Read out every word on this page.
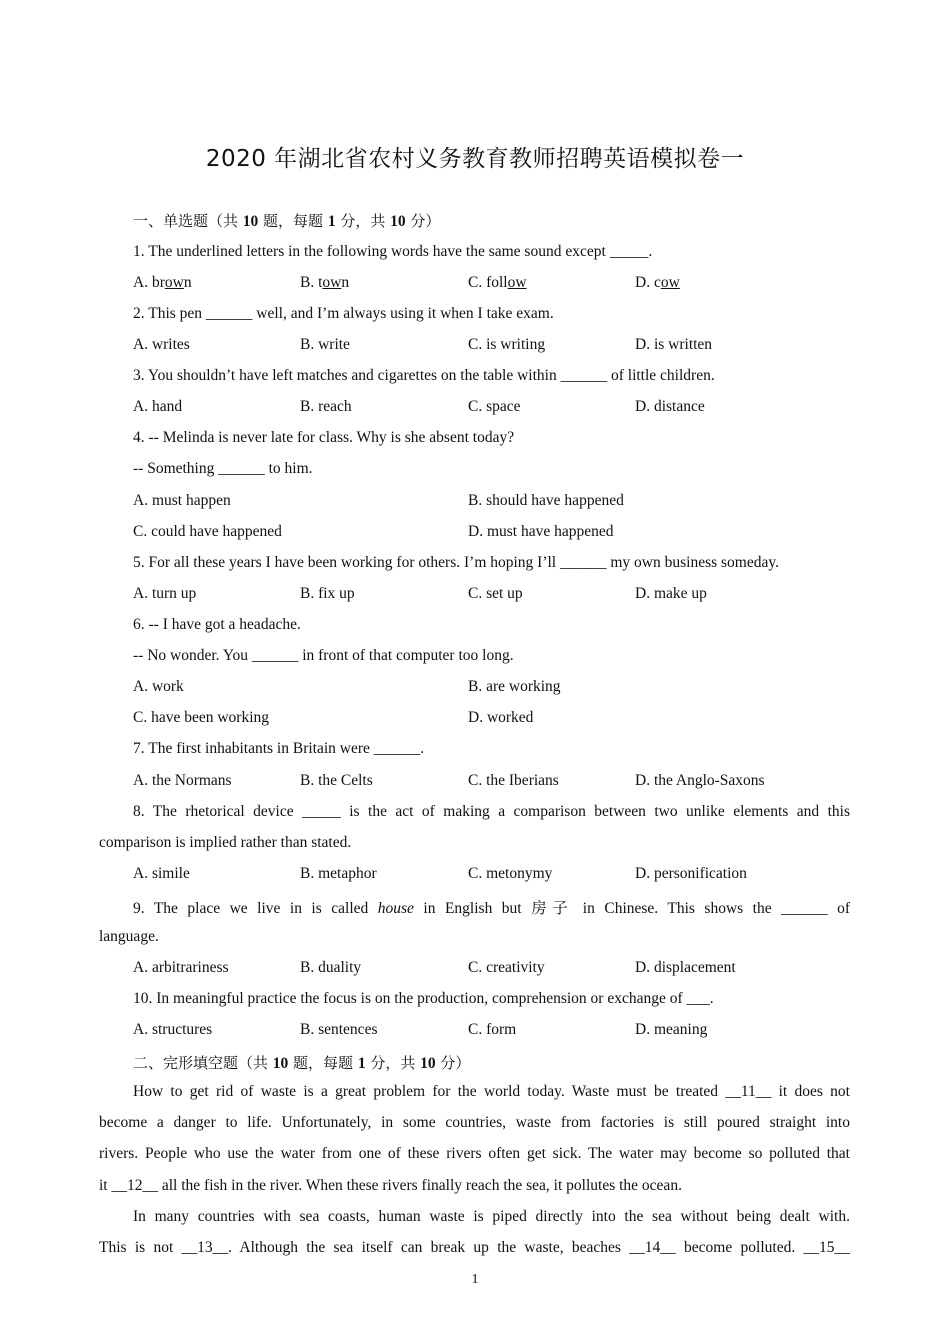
2020 年湖北省农村义务教育教师招聘英语模拟卷一
一、单选题（共 10 题，每题 1 分，共 10 分）
1. The underlined letters in the following words have the same sound except _____.
A. brown	B. town	C. follow	D. cow
2. This pen ______ well, and I’m always using it when I take exam.
A. writes	B. write	C. is writing	D. is written
3. You shouldn’t have left matches and cigarettes on the table within ______ of little children.
A. hand	B. reach	C. space	D. distance
4. -- Melinda is never late for class. Why is she absent today?
-- Something ______ to him.
A. must happen	B. should have happened
C. could have happened	D. must have happened
5. For all these years I have been working for others. I’m hoping I’ll ______ my own business someday.
A. turn up	B. fix up	C. set up	D. make up
6. -- I have got a headache.
-- No wonder. You ______ in front of that computer too long.
A. work	B. are working
C. have been working	D. worked
7. The first inhabitants in Britain were ______.
A. the Normans	B. the Celts	C. the Iberians	D. the Anglo-Saxons
8. The rhetorical device _____ is the act of making a comparison between two unlike elements and this
comparison is implied rather than stated.
A. simile	B. metaphor	C. metonymy	D. personification
9. The place we live in is called house in English but 房子 in Chinese. This shows the ______ of
language.
A. arbitrariness	B. duality	C. creativity	D. displacement
10. In meaningful practice the focus is on the production, comprehension or exchange of ___.
A. structures	B. sentences	C. form	D. meaning
二、完形填空题（共 10 题，每题 1 分，共 10 分）
How to get rid of waste is a great problem for the world today. Waste must be treated __11__ it does not
become a danger to life. Unfortunately, in some countries, waste from factories is still poured straight into
rivers. People who use the water from one of these rivers often get sick. The water may become so polluted that
it __12__ all the fish in the river. When these rivers finally reach the sea, it pollutes the ocean.
In many countries with sea coasts, human waste is piped directly into the sea without being dealt with.
This is not __13__. Although the sea itself can break up the waste, beaches __14__ become polluted. __15__
1
